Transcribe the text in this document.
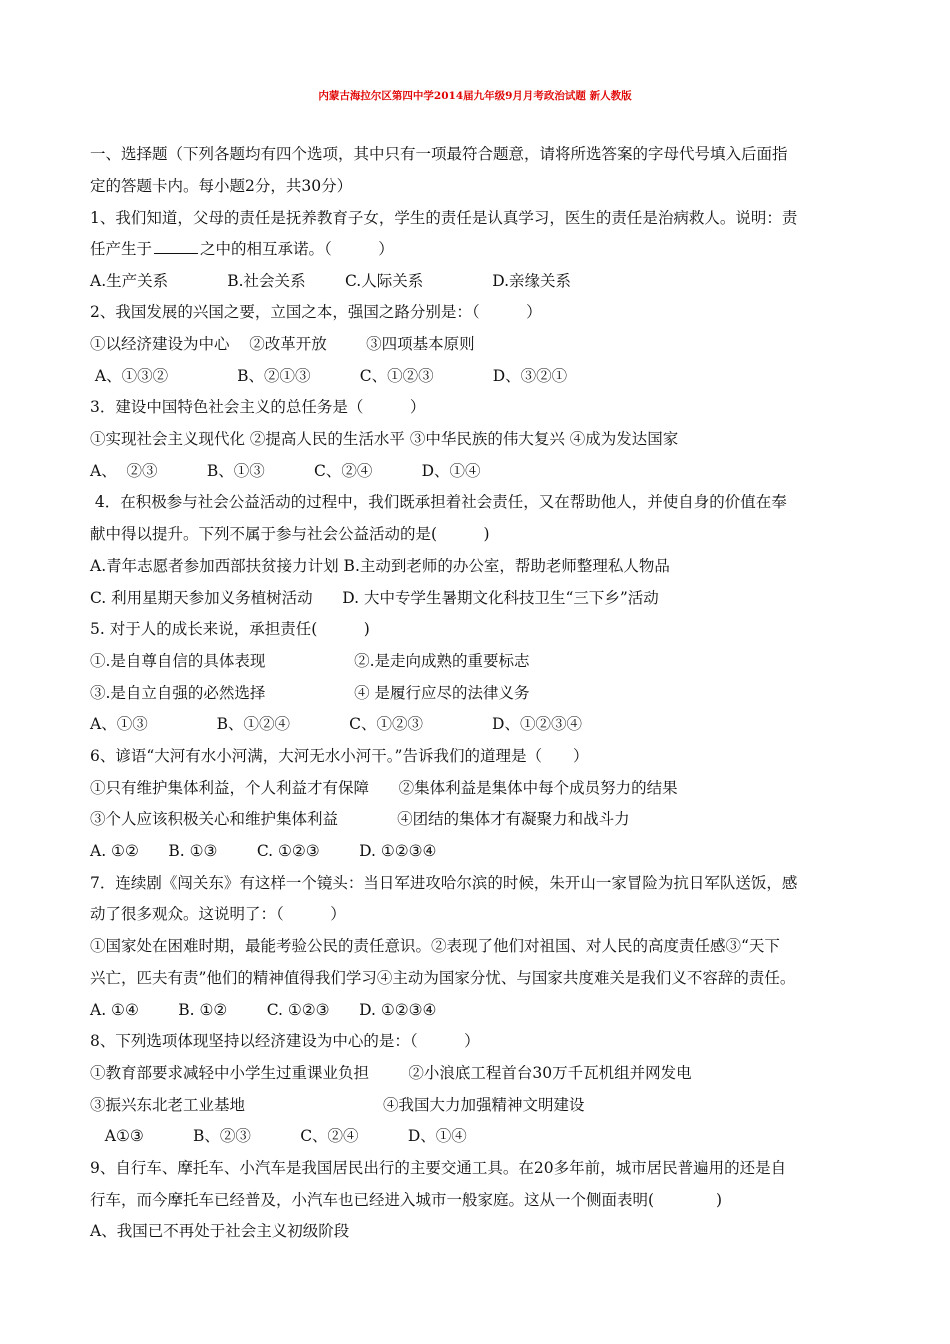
内蒙古海拉尔区第四中学2014届九年级9月月考政治试题 新人教版
一、选择题（下列各题均有四个选项，其中只有一项最符合题意，请将所选答案的字母代号填入后面指
定的答题卡内。每小题2分，共30分）
1、我们知道，父母的责任是抚养教育子女，学生的责任是认真学习，医生的责任是治病救人。说明：责
任产生于	之中的相互承诺。（　　　）
A.生产关系            B.社会关系        C.人际关系              D.亲缘关系
2、我国发展的兴国之要，立国之本，强国之路分别是：（　　　）
①以经济建设为中心    ②改革开放        ③四项基本原则
A、①③②              B、②①③          C、①②③            D、③②①
3．建设中国特色社会主义的总任务是（　　　）
①实现社会主义现代化 ②提高人民的生活水平 ③中华民族的伟大复兴 ④成为发达国家
A、  ②③          B、①③          C、②④          D、①④
4．在积极参与社会公益活动的过程中，我们既承担着社会责任，又在帮助他人，并使自身的价值在奉
献中得以提升。下列不属于参与社会公益活动的是(　　　)
A.青年志愿者参加西部扶贫接力计划 B.主动到老师的办公室，帮助老师整理私人物品
C. 利用星期天参加义务植树活动      D. 大中专学生暑期文化科技卫生“三下乡”活动
5. 对于人的成长来说，承担责任(　　　)
①.是自尊自信的具体表现                  ②.是走向成熟的重要标志
③.是自立自强的必然选择                  ④ 是履行应尽的法律义务
A、①③              B、①②④            C、①②③              D、①②③④
6、谚语“大河有水小河满，大河无水小河干。”告诉我们的道理是（　　）
①只有维护集体利益，个人利益才有保障      ②集体利益是集体中每个成员努力的结果
③个人应该积极关心和维护集体利益            ④团结的集体才有凝聚力和战斗力
A. ①②      B. ①③        C. ①②③        D. ①②③④
7．连续剧《闯关东》有这样一个镜头：当日军进攻哈尔滨的时候，朱开山一家冒险为抗日军队送饭，感
动了很多观众。这说明了：（　　　）
①国家处在困难时期，最能考验公民的责任意识。②表现了他们对祖国、对人民的高度责任感③“天下
兴亡，匹夫有责”他们的精神值得我们学习④主动为国家分忧、与国家共度难关是我们义不容辞的责任。
A. ①④        B. ①②        C. ①②③      D. ①②③④
8、下列选项体现坚持以经济建设为中心的是：（　　　）
①教育部要求减轻中小学生过重课业负担        ②小浪底工程首台30万千瓦机组并网发电
③振兴东北老工业基地                            ④我国大力加强精神文明建设
A①③          B、②③          C、②④          D、①④
9、自行车、摩托车、小汽车是我国居民出行的主要交通工具。在20多年前，城市居民普遍用的还是自
行车，而今摩托车已经普及，小汽车也已经进入城市一般家庭。这从一个侧面表明(　　　　)
A、我国已不再处于社会主义初级阶段
